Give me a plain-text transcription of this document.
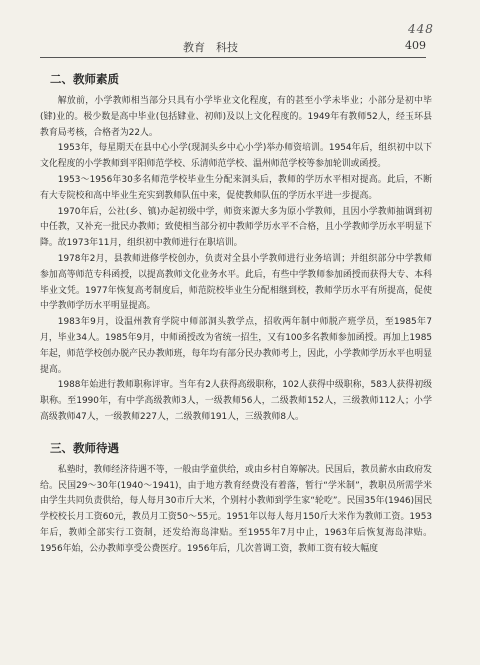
448
教育　科技	409
二、教师素质

解放前，小学教师相当部分只具有小学毕业文化程度，有的甚至小学未毕业；小部分是初中毕(肄)业的。极少数是高中毕业(包括肄业、初师)及以上文化程度的。1949年有教师52人，经玉环县教育局考核，合格者为22人。

1953年，每星期天在县中心小学(现洞头乡中心小学)举办师资培训。1954年后，组织初中以下文化程度的小学教师到平阳师范学校、乐清师范学校、温州师范学校等参加轮训或函授。

1953～1956年30多名师范学校毕业生分配来洞头后，教师的学历水平相对提高。此后，不断有大专院校和高中毕业生充实到教师队伍中来，促使教师队伍的学历水平进一步提高。

1970年后，公社(乡、镇)办起初级中学，师资来源大多为原小学教师，且因小学教师抽调到初中任教，又补充一批民办教师；致使相当部分初中教师学历水平不合格，且小学教师学历水平明显下降。故1973年11月，组织初中教师进行在职培训。

1978年2月，县教师进修学校创办，负责对全县小学教师进行业务培训；并组织部分中学教师参加高等师范专科函授，以提高教师文化业务水平。此后，有些中学教师参加函授而获得大专、本科毕业文凭。1977年恢复高考制度后，师范院校毕业生分配相继到校，教师学历水平有所提高，促使中学教师学历水平明显提高。

1983年9月，设温州教育学院中师部洞头教学点，招收两年制中师脱产班学员，至1985年7月，毕业34人。1985年9月，中师函授改为省统一招生，又有100多名教师参加函授。再加上1985年起，师范学校创办脱产民办教师班，每年均有部分民办教师考上，因此，小学教师学历水平也明显提高。

1988年始进行教师职称评审。当年有2人获得高级职称，102人获得中级职称，583人获得初级职称。至1990年，有中学高级教师3人，一级教师56人，二级教师152人，三级教师112人；小学高级教师47人，一级教师227人，二级教师191人，三级教师8人。

三、教师待遇

私塾时，教师经济待遇不等，一般由学童供给，或由乡村自筹解决。民国后，教员薪水由政府发给。民国29～30年(1940～1941)，由于地方教育经费没有着落，暂行“学米制”，教职员所需学米由学生共同负责供给，每人每月30市斤大米，个别村小教师到学生家“轮吃”。民国35年(1946)国民学校校长月工资60元，教员月工资50～55元。1951年以每人每月150斤大米作为教师工资。1953年后，教师全部实行工资制，还发给海岛津贴。至1955年7月中止，1963年后恢复海岛津贴。1956年始，公办教师享受公费医疗。1956年后，几次普调工资，教师工资有较大幅度
